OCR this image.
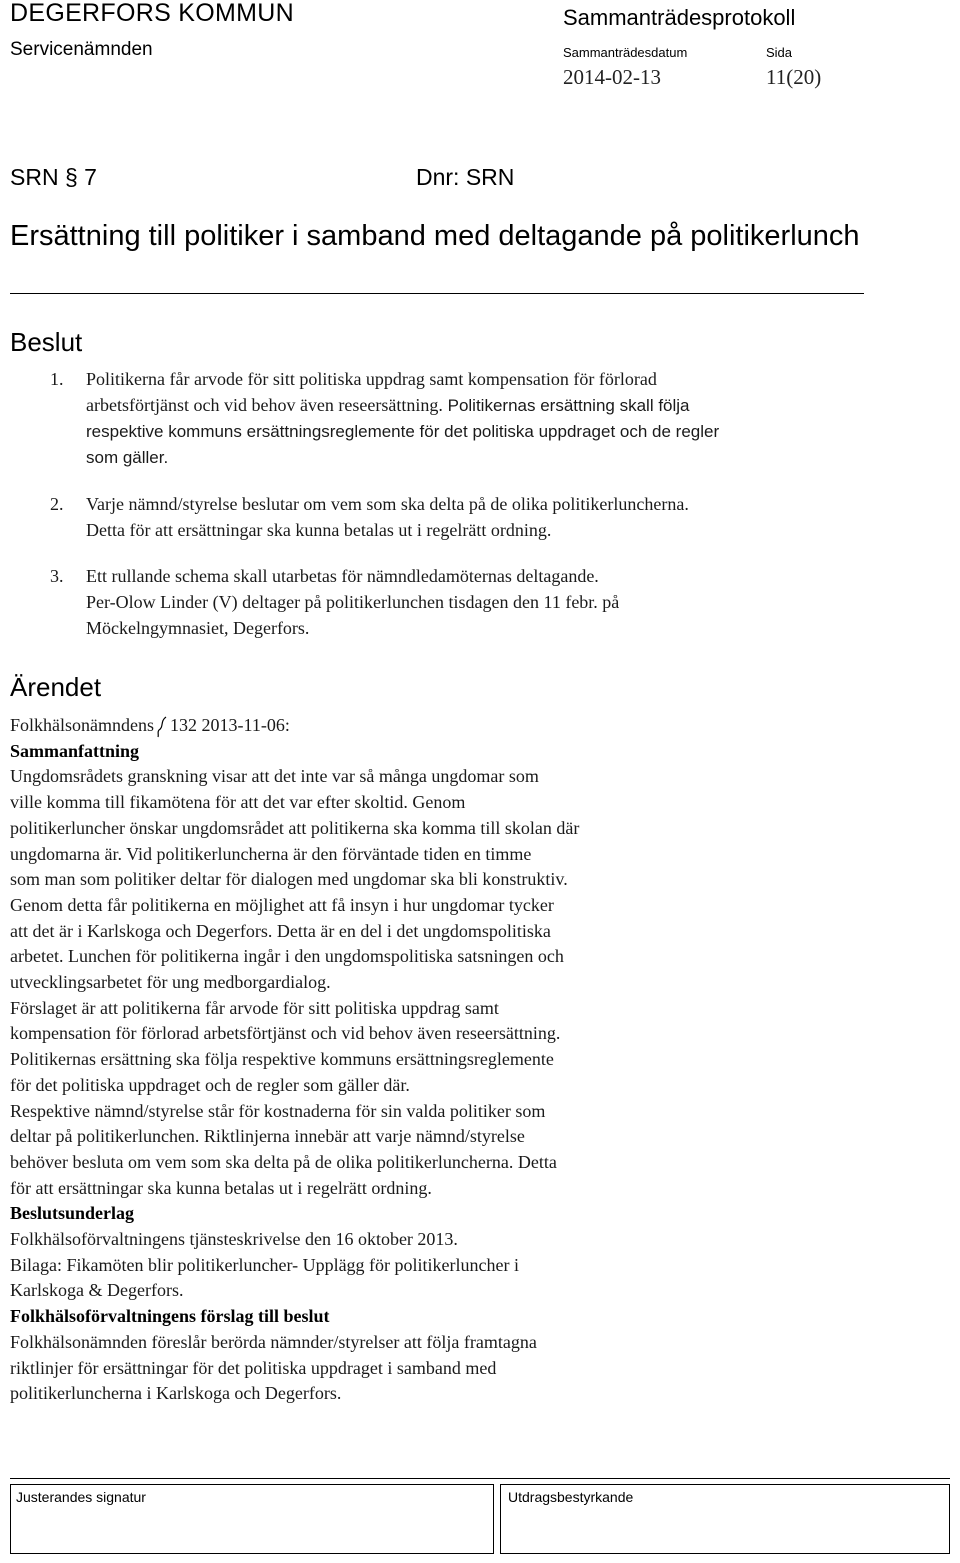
DEGERFORS KOMMUN
Servicenämnden
Sammanträdesprotokoll
Sammanträdesdatum	Sida
2014-02-13	11(20)
SRN § 7	Dnr: SRN
Ersättning till politiker i samband med deltagande på politikerlunch
Beslut
1. Politikerna får arvode för sitt politiska uppdrag samt kompensation för förlorad
arbetsförtjänst och vid behov även reseersättning. Politikernas ersättning skall följa
respektive kommuns ersättningsreglemente för det politiska uppdraget och de regler
som gäller.
2. Varje nämnd/styrelse beslutar om vem som ska delta på de olika politikerluncherna.
Detta för att ersättningar ska kunna betalas ut i regelrätt ordning.
3. Ett rullande schema skall utarbetas för nämndledamöternas deltagande.
Per-Olow Linder (V) deltager på politikerlunchen tisdagen den 11 febr. på
Möckelngymnasiet, Degerfors.
Ärendet
Folkhälsonämndens 132 2013-11-06:
Sammanfattning
Ungdomsrådets granskning visar att det inte var så många ungdomar som
ville komma till fikamötena för att det var efter skoltid. Genom
politikerluncher önskar ungdomsrådet att politikerna ska komma till skolan där
ungdomarna är. Vid politikerluncherna är den förväntade tiden en timme
som man som politiker deltar för dialogen med ungdomar ska bli konstruktiv.
Genom detta får politikerna en möjlighet att få insyn i hur ungdomar tycker
att det är i Karlskoga och Degerfors. Detta är en del i det ungdomspolitiska
arbetet. Lunchen för politikerna ingår i den ungdomspolitiska satsningen och
utvecklingsarbetet för ung medborgardialog.
Förslaget är att politikerna får arvode för sitt politiska uppdrag samt
kompensation för förlorad arbetsförtjänst och vid behov även reseersättning.
Politikernas ersättning ska följa respektive kommuns ersättningsreglemente
för det politiska uppdraget och de regler som gäller där.
Respektive nämnd/styrelse står för kostnaderna för sin valda politiker som
deltar på politikerlunchen. Riktlinjerna innebär att varje nämnd/styrelse
behöver besluta om vem som ska delta på de olika politikerluncherna. Detta
för att ersättningar ska kunna betalas ut i regelrätt ordning.
Beslutsunderlag
Folkhälsoförvaltningens tjänsteskrivelse den 16 oktober 2013.
Bilaga: Fikamöten blir politikerluncher- Upplägg för politikerluncher i
Karlskoga & Degerfors.
Folkhälsoförvaltningens förslag till beslut
Folkhälsonämnden föreslår berörda nämnder/styrelser att följa framtagna
riktlinjer för ersättningar för det politiska uppdraget i samband med
politikerluncherna i Karlskoga och Degerfors.
Justerandes signatur	Utdragsbestyrkande
